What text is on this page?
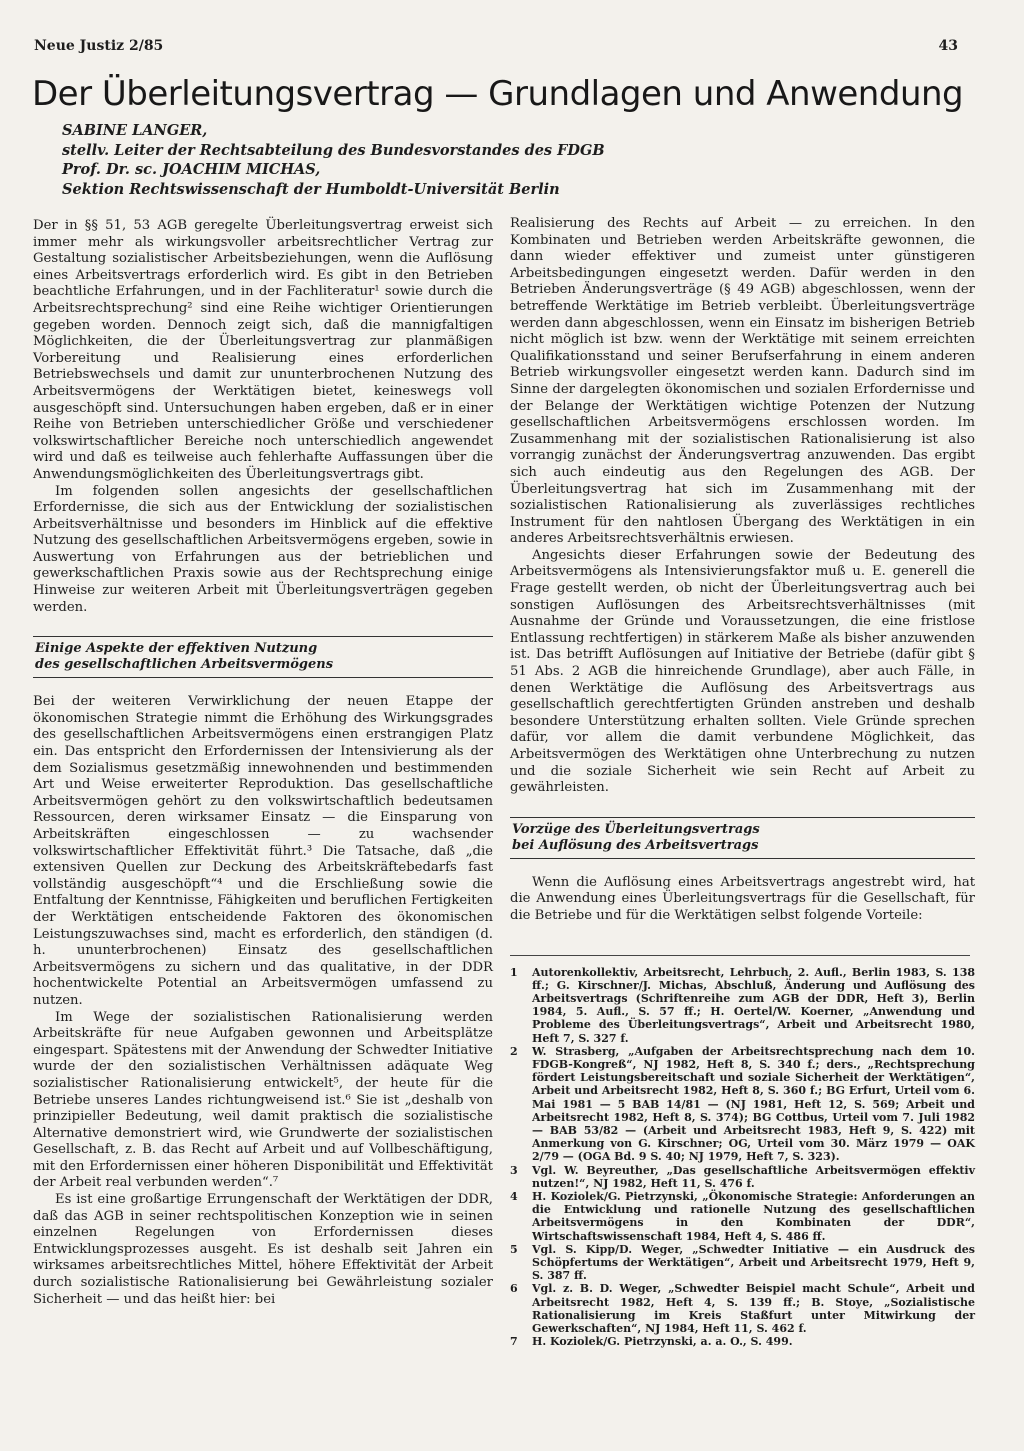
Neue Justiz 2/85	43
Der Überleitungsvertrag — Grundlagen und Anwendung
SABINE LANGER,
stellv. Leiter der Rechtsabteilung des Bundesvorstandes des FDGB
Prof. Dr. sc. JOACHIM MICHAS,
Sektion Rechtswissenschaft der Humboldt-Universität Berlin

Der in §§ 51, 53 AGB geregelte Überleitungsvertrag erweist sich immer mehr als wirkungsvoller arbeitsrechtlicher Vertrag zur Gestaltung sozialistischer Arbeitsbeziehungen, wenn die Auflösung eines Arbeitsvertrags erforderlich wird. Es gibt in den Betrieben beachtliche Erfahrungen, und in der Fachliteratur¹ sowie durch die Arbeitsrechtsprechung² sind eine Reihe wichtiger Orientierungen gegeben worden. Dennoch zeigt sich, daß die mannigfaltigen Möglichkeiten, die der Überleitungsvertrag zur planmäßigen Vorbereitung und Realisierung eines erforderlichen Betriebswechsels und damit zur ununterbrochenen Nutzung des Arbeitsvermögens der Werktätigen bietet, keineswegs voll ausgeschöpft sind. Untersuchungen haben ergeben, daß er in einer Reihe von Betrieben unterschiedlicher Größe und verschiedener volkswirtschaftlicher Bereiche noch unterschiedlich angewendet wird und daß es teilweise auch fehlerhafte Auffassungen über die Anwendungsmöglichkeiten des Überleitungsvertrags gibt.

Im folgenden sollen angesichts der gesellschaftlichen Erfordernisse, die sich aus der Entwicklung der sozialistischen Arbeitsverhältnisse und besonders im Hinblick auf die effektive Nutzung des gesellschaftlichen Arbeitsvermögens ergeben, sowie in Auswertung von Erfahrungen aus der betrieblichen und gewerkschaftlichen Praxis sowie aus der Rechtsprechung einige Hinweise zur weiteren Arbeit mit Überleitungsverträgen gegeben werden.

Einige Aspekte der effektiven Nutzung
des gesellschaftlichen Arbeitsvermögens

Bei der weiteren Verwirklichung der neuen Etappe der ökonomischen Strategie nimmt die Erhöhung des Wirkungsgrades des gesellschaftlichen Arbeitsvermögens einen erstrangigen Platz ein. Das entspricht den Erfordernissen der Intensivierung als der dem Sozialismus gesetzmäßig innewohnenden und bestimmenden Art und Weise erweiterter Reproduktion. Das gesellschaftliche Arbeitsvermögen gehört zu den volkswirtschaftlich bedeutsamen Ressourcen, deren wirksamer Einsatz — die Einsparung von Arbeitskräften eingeschlossen — zu wachsender volkswirtschaftlicher Effektivität führt.³ Die Tatsache, daß „die extensiven Quellen zur Deckung des Arbeitskräftebedarfs fast vollständig ausgeschöpft“⁴ und die Erschließung sowie die Entfaltung der Kenntnisse, Fähigkeiten und beruflichen Fertigkeiten der Werktätigen entscheidende Faktoren des ökonomischen Leistungszuwachses sind, macht es erforderlich, den ständigen (d. h. ununterbrochenen) Einsatz des gesellschaftlichen Arbeitsvermögens zu sichern und das qualitative, in der DDR hochentwickelte Potential an Arbeitsvermögen umfassend zu nutzen.

Im Wege der sozialistischen Rationalisierung werden Arbeitskräfte für neue Aufgaben gewonnen und Arbeitsplätze eingespart. Spätestens mit der Anwendung der Schwedter Initiative wurde der den sozialistischen Verhältnissen adäquate Weg sozialistischer Rationalisierung entwickelt⁵, der heute für die Betriebe unseres Landes richtungweisend ist.⁶ Sie ist „deshalb von prinzipieller Bedeutung, weil damit praktisch die sozialistische Alternative demonstriert wird, wie Grundwerte der sozialistischen Gesellschaft, z. B. das Recht auf Arbeit und auf Vollbeschäftigung, mit den Erfordernissen einer höheren Disponibilität und Effektivität der Arbeit real verbunden werden“.⁷

Es ist eine großartige Errungenschaft der Werktätigen der DDR, daß das AGB in seiner rechtspolitischen Konzeption wie in seinen einzelnen Regelungen von Erfordernissen dieses Entwicklungsprozesses ausgeht. Es ist deshalb seit Jahren ein wirksames arbeitsrechtliches Mittel, höhere Effektivität der Arbeit durch sozialistische Rationalisierung bei Gewährleistung sozialer Sicherheit — und das heißt hier: bei

Realisierung des Rechts auf Arbeit — zu erreichen. In den Kombinaten und Betrieben werden Arbeitskräfte gewonnen, die dann wieder effektiver und zumeist unter günstigeren Arbeitsbedingungen eingesetzt werden. Dafür werden in den Betrieben Änderungsverträge (§ 49 AGB) abgeschlossen, wenn der betreffende Werktätige im Betrieb verbleibt. Überleitungsverträge werden dann abgeschlossen, wenn ein Einsatz im bisherigen Betrieb nicht möglich ist bzw. wenn der Werktätige mit seinem erreichten Qualifikationsstand und seiner Berufserfahrung in einem anderen Betrieb wirkungsvoller eingesetzt werden kann. Dadurch sind im Sinne der dargelegten ökonomischen und sozialen Erfordernisse und der Belange der Werktätigen wichtige Potenzen der Nutzung gesellschaftlichen Arbeitsvermögens erschlossen worden. Im Zusammenhang mit der sozialistischen Rationalisierung ist also vorrangig zunächst der Änderungsvertrag anzuwenden. Das ergibt sich auch eindeutig aus den Regelungen des AGB. Der Überleitungsvertrag hat sich im Zusammenhang mit der sozialistischen Rationalisierung als zuverlässiges rechtliches Instrument für den nahtlosen Übergang des Werktätigen in ein anderes Arbeitsrechtsverhältnis erwiesen.

Angesichts dieser Erfahrungen sowie der Bedeutung des Arbeitsvermögens als Intensivierungsfaktor muß u. E. generell die Frage gestellt werden, ob nicht der Überleitungsvertrag auch bei sonstigen Auflösungen des Arbeitsrechtsverhältnisses (mit Ausnahme der Gründe und Voraussetzungen, die eine fristlose Entlassung rechtfertigen) in stärkerem Maße als bisher anzuwenden ist. Das betrifft Auflösungen auf Initiative der Betriebe (dafür gibt § 51 Abs. 2 AGB die hinreichende Grundlage), aber auch Fälle, in denen Werktätige die Auflösung des Arbeitsvertrags aus gesellschaftlich gerechtfertigten Gründen anstreben und deshalb besondere Unterstützung erhalten sollten. Viele Gründe sprechen dafür, vor allem die damit verbundene Möglichkeit, das Arbeitsvermögen des Werktätigen ohne Unterbrechung zu nutzen und die soziale Sicherheit wie sein Recht auf Arbeit zu gewährleisten.

Vorzüge des Überleitungsvertrags
bei Auflösung des Arbeitsvertrags

Wenn die Auflösung eines Arbeitsvertrags angestrebt wird, hat die Anwendung eines Überleitungsvertrags für die Gesellschaft, für die Betriebe und für die Werktätigen selbst folgende Vorteile:

1	Autorenkollektiv, Arbeitsrecht, Lehrbuch, 2. Aufl., Berlin 1983, S. 138 ff.; G. Kirschner/J. Michas, Abschluß, Änderung und Auflösung des Arbeitsvertrags (Schriftenreihe zum AGB der DDR, Heft 3), Berlin 1984, 5. Aufl., S. 57 ff.; H. Oertel/W. Koerner, „Anwendung und Probleme des Überleitungsvertrags“, Arbeit und Arbeitsrecht 1980, Heft 7, S. 327 f.
2	W. Strasberg, „Aufgaben der Arbeitsrechtsprechung nach dem 10. FDGB-Kongreß“, NJ 1982, Heft 8, S. 340 f.; ders., „Rechtsprechung fördert Leistungsbereitschaft und soziale Sicherheit der Werktätigen“, Arbeit und Arbeitsrecht 1982, Heft 8, S. 360 f.; BG Erfurt, Urteil vom 6. Mai 1981 — 5 BAB 14/81 — (NJ 1981, Heft 12, S. 569; Arbeit und Arbeitsrecht 1982, Heft 8, S. 374); BG Cottbus, Urteil vom 7. Juli 1982 — BAB 53/82 — (Arbeit und Arbeitsrecht 1983, Heft 9, S. 422) mit Anmerkung von G. Kirschner; OG, Urteil vom 30. März 1979 — OAK 2/79 — (OGA Bd. 9 S. 40; NJ 1979, Heft 7, S. 323).
3	Vgl. W. Beyreuther, „Das gesellschaftliche Arbeitsvermögen effektiv nutzen!“, NJ 1982, Heft 11, S. 476 f.
4	H. Koziolek/G. Pietrzynski, „Ökonomische Strategie: Anforderungen an die Entwicklung und rationelle Nutzung des gesellschaftlichen Arbeitsvermögens in den Kombinaten der DDR“, Wirtschaftswissenschaft 1984, Heft 4, S. 486 ff.
5	Vgl. S. Kipp/D. Weger, „Schwedter Initiative — ein Ausdruck des Schöpfertums der Werktätigen“, Arbeit und Arbeitsrecht 1979, Heft 9, S. 387 ff.
6	Vgl. z. B. D. Weger, „Schwedter Beispiel macht Schule“, Arbeit und Arbeitsrecht 1982, Heft 4, S. 139 ff.; B. Stoye, „Sozialistische Rationalisierung im Kreis Staßfurt unter Mitwirkung der Gewerkschaften“, NJ 1984, Heft 11, S. 462 f.
7	H. Koziolek/G. Pietrzynski, a. a. O., S. 499.
